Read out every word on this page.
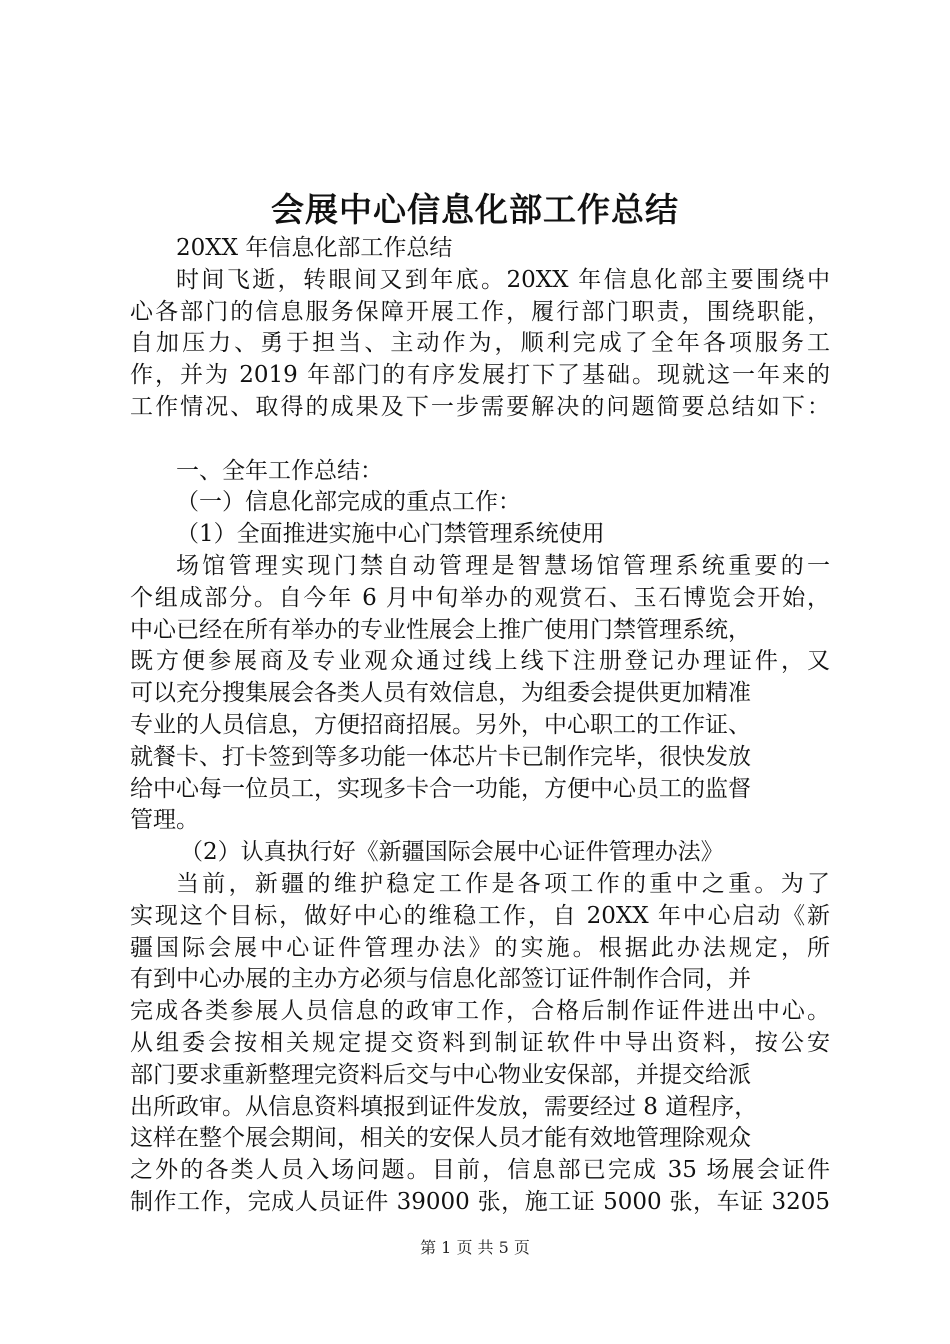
会展中心信息化部工作总结
20XX 年信息化部工作总结
时间飞逝，转眼间又到年底。20XX 年信息化部主要围绕中
心各部门的信息服务保障开展工作，履行部门职责，围绕职能，
自加压力、勇于担当、主动作为，顺利完成了全年各项服务工
作，并为 2019 年部门的有序发展打下了基础。现就这一年来的
工作情况、取得的成果及下一步需要解决的问题简要总结如下：
一、全年工作总结：
（一）信息化部完成的重点工作：
（1）全面推进实施中心门禁管理系统使用
场馆管理实现门禁自动管理是智慧场馆管理系统重要的一
个组成部分。自今年 6 月中旬举办的观赏石、玉石博览会开始，
中心已经在所有举办的专业性展会上推广使用门禁管理系统，
既方便参展商及专业观众通过线上线下注册登记办理证件，又
可以充分搜集展会各类人员有效信息，为组委会提供更加精准
专业的人员信息，方便招商招展。另外，中心职工的工作证、
就餐卡、打卡签到等多功能一体芯片卡已制作完毕，很快发放
给中心每一位员工，实现多卡合一功能，方便中心员工的监督
管理。
（2）认真执行好《新疆国际会展中心证件管理办法》
当前，新疆的维护稳定工作是各项工作的重中之重。为了
实现这个目标，做好中心的维稳工作，自 20XX 年中心启动《新
疆国际会展中心证件管理办法》的实施。根据此办法规定，所
有到中心办展的主办方必须与信息化部签订证件制作合同，并
完成各类参展人员信息的政审工作，合格后制作证件进出中心。
从组委会按相关规定提交资料到制证软件中导出资料，按公安
部门要求重新整理完资料后交与中心物业安保部，并提交给派
出所政审。从信息资料填报到证件发放，需要经过 8 道程序，
这样在整个展会期间，相关的安保人员才能有效地管理除观众
之外的各类人员入场问题。目前，信息部已完成 35 场展会证件
制作工作，完成人员证件 39000 张，施工证 5000 张，车证 3205
第 1 页 共 5 页
